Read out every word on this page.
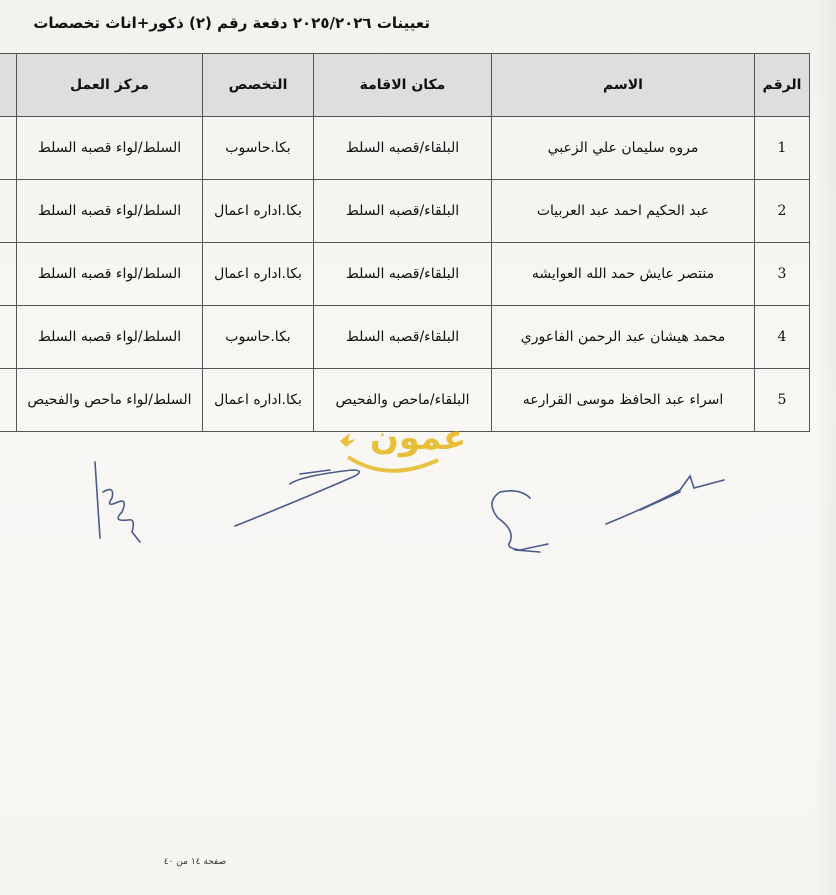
تعيينات ٢٠٢٥/٢٠٢٦ دفعة رقم (٢) ذكور+اناث تخصصات
الرقم	الاسم	مكان الاقامة	التخصص	مركز العمل	
1	مروه سليمان علي الزعبي	البلقاء/قصبه السلط	بكا.حاسوب	السلط/لواء قصبه السلط	
2	عبد الحكيم احمد عبد العربيات	البلقاء/قصبه السلط	بكا.اداره اعمال	السلط/لواء قصبه السلط	
3	منتصر عايش حمد الله العوايشه	البلقاء/قصبه السلط	بكا.اداره اعمال	السلط/لواء قصبه السلط	
4	محمد هيشان عبد الرحمن الفاعوري	البلقاء/قصبه السلط	بكا.حاسوب	السلط/لواء قصبه السلط	
5	اسراء عبد الحافظ موسى القرارعه	البلقاء/ماحص والفحيص	بكا.اداره اعمال	السلط/لواء ماحص والفحيص	
عمون
صفحة ١٤ من ٤٠
